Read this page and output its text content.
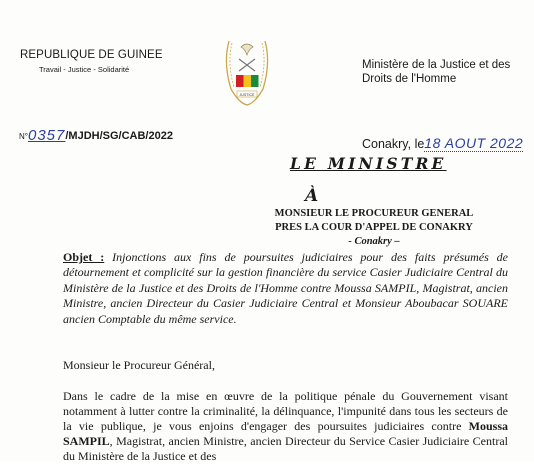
REPUBLIQUE DE GUINEE
Travail - Justice - Solidarité
JUSTICE
Ministère de la Justice et des Droits de l'Homme
N°0357/MJDH/SG/CAB/2022
Conakry, le18 AOUT 2022
LE MINISTRE
À
MONSIEUR LE PROCUREUR GENERAL
PRES LA COUR D'APPEL DE CONAKRY
- Conakry –
Objet : Injonctions aux fins de poursuites judiciaires pour des faits présumés de détournement et complicité sur la gestion financière du service Casier Judiciaire Central du Ministère de la Justice et des Droits de l'Homme contre Moussa SAMPIL, Magistrat, ancien Ministre, ancien Directeur du Casier Judiciaire Central et Monsieur Aboubacar SOUARE ancien Comptable du même service.
Monsieur le Procureur Général,
Dans le cadre de la mise en œuvre de la politique pénale du Gouvernement visant notamment à lutter contre la criminalité, la délinquance, l'impunité dans tous les secteurs de la vie publique, je vous enjoins d'engager des poursuites judiciaires contre Moussa SAMPIL, Magistrat, ancien Ministre, ancien Directeur du Service Casier Judiciaire Central du Ministère de la Justice et des
